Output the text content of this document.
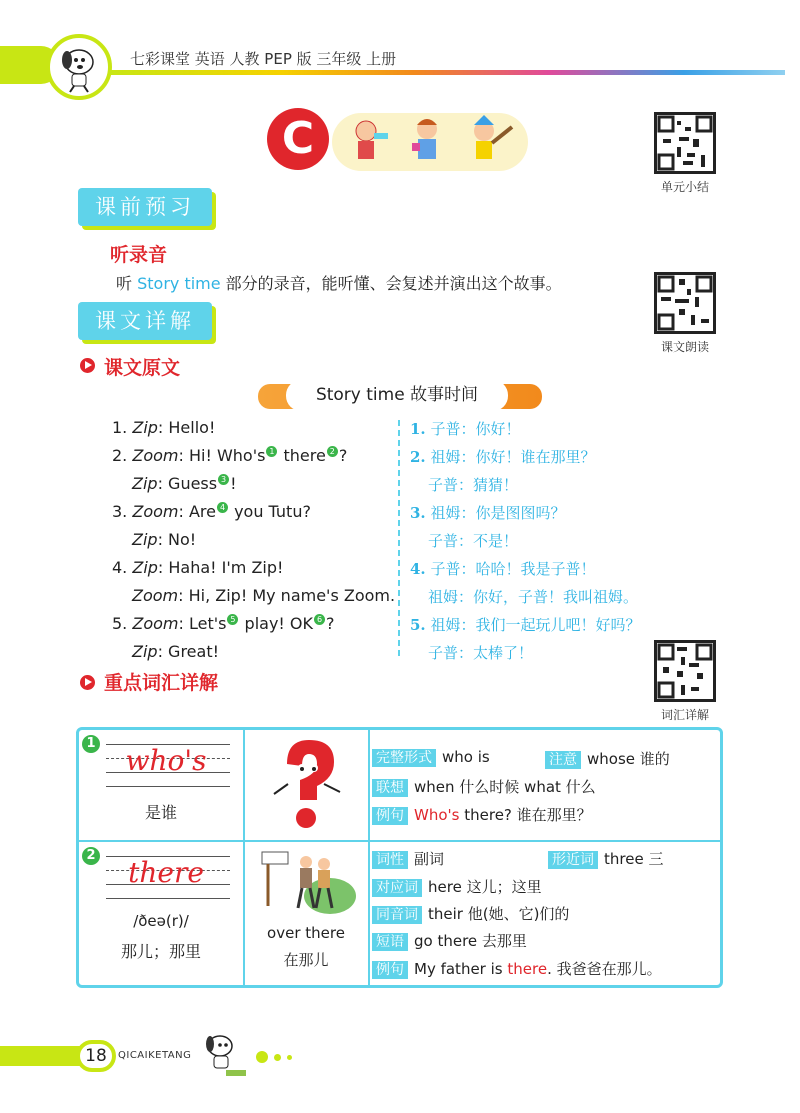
七彩课堂 英语 人教 PEP 版 三年级 上册
C
单元小结
课文朗读
词汇详解
课前预习
听录音
听 Story time 部分的录音，能听懂、会复述并演出这个故事。
课文详解
课文原文
Story time 故事时间
1. Zip: Hello!
2. Zoom: Hi! Who's 1 there 2 ?
Zip: Guess 3 !
3. Zoom: Are 4 you Tutu?
Zip: No!
4. Zip: Haha! I'm Zip!
Zoom: Hi, Zip! My name's Zoom.
5. Zoom: Let's 5 play! OK 6 ?
Zip: Great!
1. 子普：你好！
2. 祖姆：你好！谁在那里？
子普：猜猜！
3. 祖姆：你是图图吗？
子普：不是！
4. 子普：哈哈！我是子普！
祖姆：你好，子普！我叫祖姆。
5. 祖姆：我们一起玩儿吧！好吗？
子普：太棒了！
重点词汇详解
1
who's
是谁
完整形式 who is	注意 whose 谁的
联想 when 什么时候 what 什么
例句 Who's there? 谁在那里？
2
there
/ðeə(r)/
那儿；那里
over there
在那儿
词性 副词	形近词 three 三
对应词 here 这儿；这里
同音词 their 他(她、它)们的
短语 go there 去那里
例句 My father is there. 我爸爸在那儿。
18	QICAIKETANG
